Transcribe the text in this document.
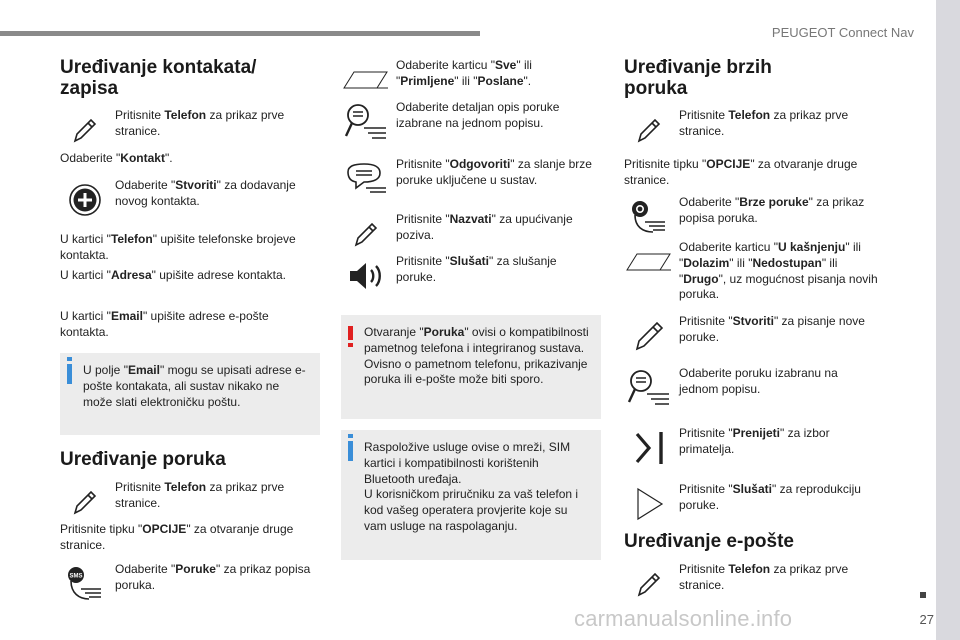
PEUGEOT Connect Nav
27
carmanualsonline.info
Uređivanje kontakata/
zapisa
Pritisnite Telefon za prikaz prve stranice.
Odaberite "Kontakt".
Odaberite "Stvoriti" za dodavanje novog kontakta.
U kartici "Telefon" upišite telefonske brojeve kontakta.
U kartici "Adresa" upišite adrese kontakta.
U kartici "Email" upišite adrese e-pošte kontakta.
U polje "Email" mogu se upisati adrese e-pošte kontakata, ali sustav nikako ne može slati elektroničku poštu.
Uređivanje poruka
Pritisnite Telefon za prikaz prve stranice.
Pritisnite tipku "OPCIJE" za otvaranje druge stranice.
SMS
Odaberite "Poruke" za prikaz popisa poruka.
Odaberite karticu "Sve" ili "Primljene" ili "Poslane".
Odaberite detaljan opis poruke izabrane na jednom popisu.
Pritisnite "Odgovoriti" za slanje brze poruke uključene u sustav.
Pritisnite "Nazvati" za upućivanje poziva.
Pritisnite "Slušati" za slušanje poruke.
Otvaranje "Poruka" ovisi o kompatibilnosti pametnog telefona i integriranog sustava. Ovisno o pametnom telefonu, prikazivanje poruka ili e-pošte može biti sporo.
Raspoložive usluge ovise o mreži, SIM kartici i kompatibilnosti korištenih Bluetooth uređaja.
U korisničkom priručniku za vaš telefon i kod vašeg operatera provjerite koje su vam usluge na raspolaganju.
Uređivanje brzih
poruka
Pritisnite Telefon za prikaz prve stranice.
Pritisnite tipku "OPCIJE" za otvaranje druge stranice.
Odaberite "Brze poruke" za prikaz popisa poruka.
Odaberite karticu "U kašnjenju" ili "Dolazim" ili "Nedostupan" ili "Drugo", uz mogućnost pisanja novih poruka.
Pritisnite "Stvoriti" za pisanje nove poruke.
Odaberite poruku izabranu na jednom popisu.
Pritisnite "Prenijeti" za izbor primatelja.
Pritisnite "Slušati" za reprodukciju poruke.
Uređivanje e-pošte
Pritisnite Telefon za prikaz prve stranice.
